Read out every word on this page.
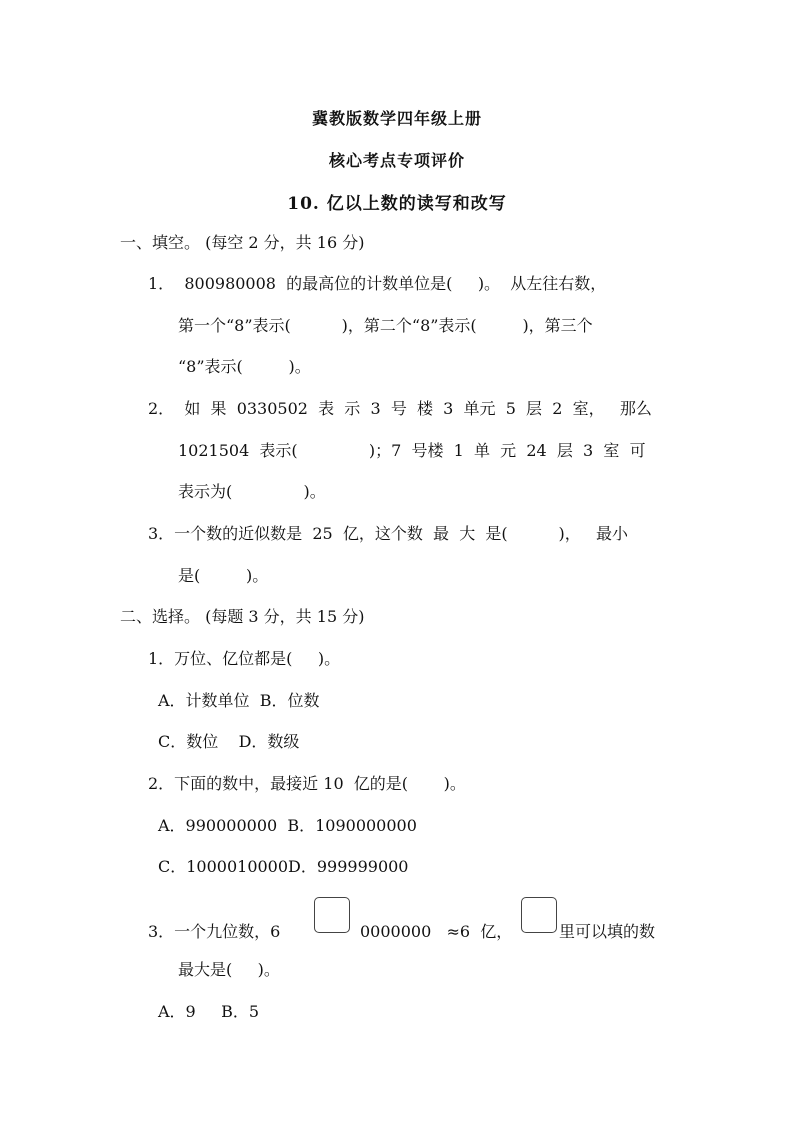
冀教版数学四年级上册
核心考点专项评价
10. 亿以上数的读写和改写
一、填空。 (每空 2 分，共 16 分)
1．  800980008  的最高位的计数单位是(     )。  从左往右数，
第一个“8”表示(          )，第二个“8”表示(         )，第三个
“8”表示(         )。
2．  如  果  0330502  表  示  3  号  楼  3  单元  5  层  2  室，   那么
1021504  表示(              )；7  号楼  1  单  元  24  层  3  室  可
表示为(              )。
3．一个数的近似数是  25  亿，这个数  最  大  是(          )，   最小
是(         )。
二、选择。 (每题 3 分，共 15 分)
1．万位、亿位都是(     )。
A．计数单位  B．位数
C．数位    D．数级
2．下面的数中，最接近 10  亿的是(       )。
A．990000000  B．1090000000
C．1000010000D．999999000
3．一个九位数，6	0000000   ≈6  亿，	里可以填的数
最大是(     )。
A．9     B．5
